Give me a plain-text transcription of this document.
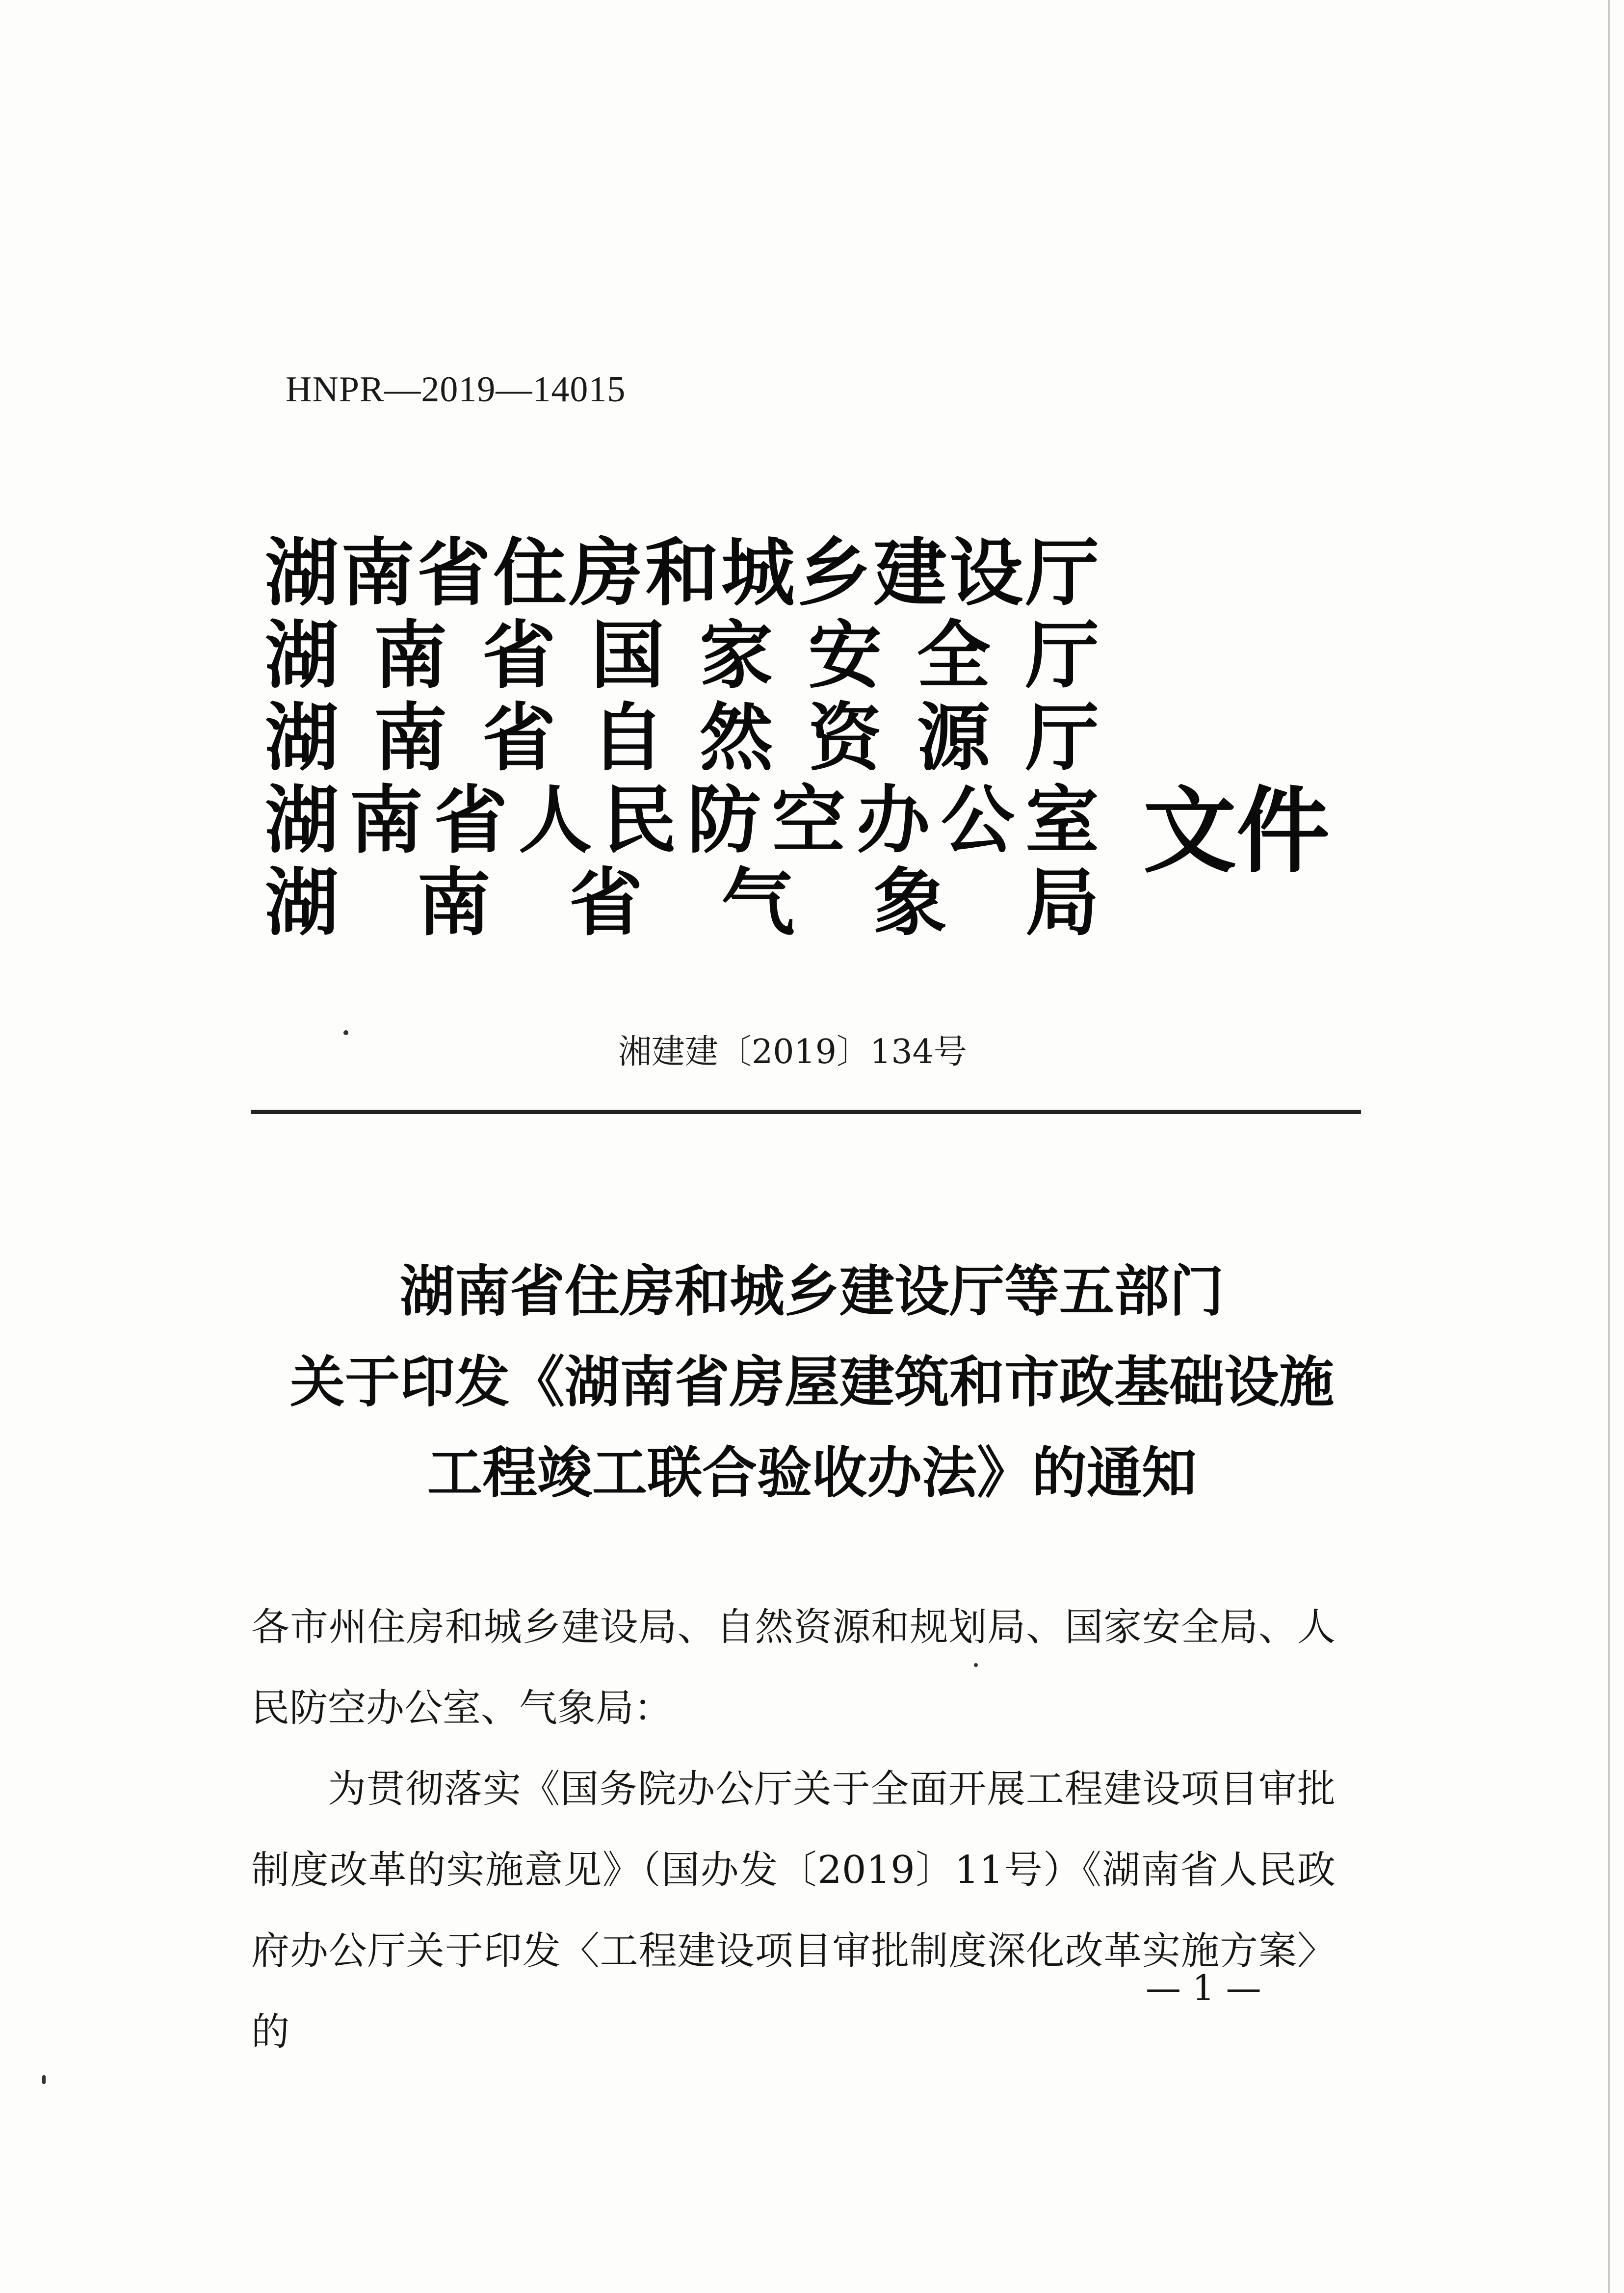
HNPR—2019—14015
湖南省住房和城乡建设厅
湖南省国家安全厅
湖南省自然资源厅
湖南省人民防空办公室
湖南省气象局
文件
湘建建〔2019〕134号
湖南省住房和城乡建设厅等五部门
关于印发《湖南省房屋建筑和市政基础设施
工程竣工联合验收办法》的通知

各市州住房和城乡建设局、自然资源和规划局、国家安全局、人民防空办公室、气象局：

为贯彻落实《国务院办公厅关于全面开展工程建设项目审批制度改革的实施意见》（国办发〔2019〕11号）《湖南省人民政府办公厅关于印发〈工程建设项目审批制度深化改革实施方案〉的

— 1 —
